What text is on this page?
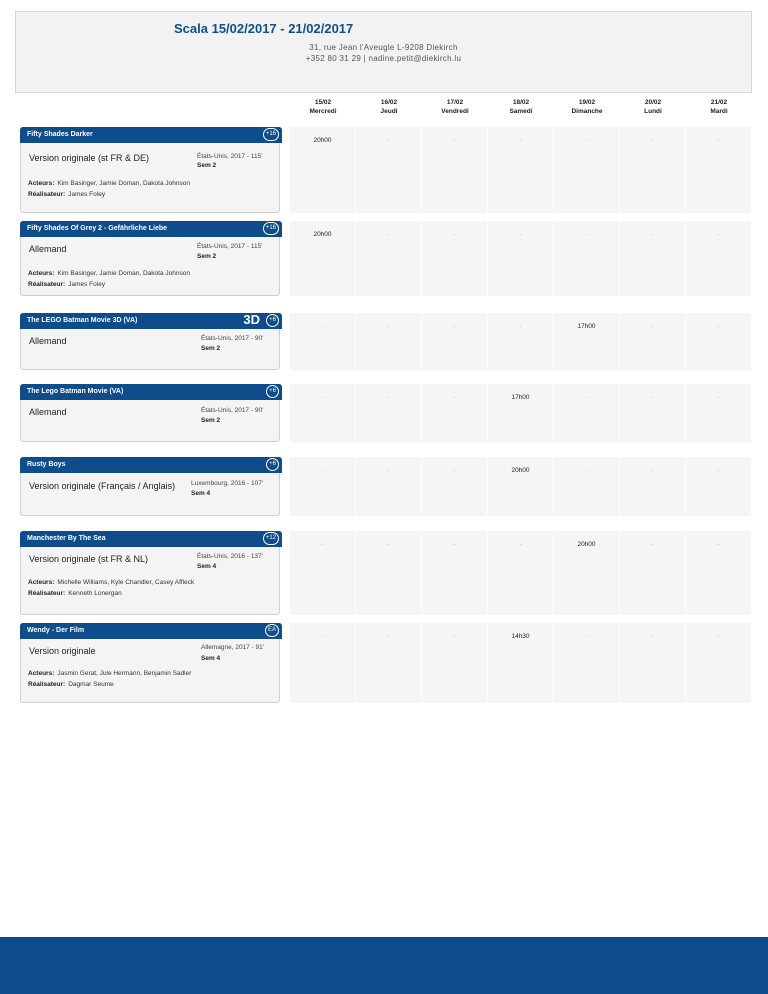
Scala 15/02/2017 - 21/02/2017
31, rue Jean l'Aveugle L-9208 Diekirch
+352 80 31 29 | nadine.petit@diekirch.lu
15/02
Mercredi
16/02
Jeudi
17/02
Vendredi
18/02
Samedi
19/02
Dimanche
20/02
Lundi
21/02
Mardi
Fifty Shades Darker	+16
Version originale (st FR & DE)	États-Unis, 2017 - 115'
Sem 2
Acteurs: Kim Basinger, Jamie Doman, Dakota Johnson
Réalisateur: James Foley
20h00	-	-	-	-	-	-
Fifty Shades Of Grey 2 - Gefährliche Liebe	+16
Allemand	États-Unis, 2017 - 115'
Sem 2
Acteurs: Kim Basinger, Jamie Doman, Dakota Johnson
Réalisateur: James Foley
20h00	-	-	-	-	-	-
The LEGO Batman Movie 3D (VA)	3D	+6
Allemand	États-Unis, 2017 - 90'
Sem 2
-	-	-	-	17h00	-	-
The Lego Batman Movie (VA)	+6
Allemand	États-Unis, 2017 - 90'
Sem 2
-	-	-	17h00	-	-	-
Rusty Boys	+6
Version originale (Français / Anglais) Luxembourg, 2016 - 107'
Sem 4
-	-	-	20h00	-	-	-
Manchester By The Sea	+12
Version originale (st FR & NL)	États-Unis, 2016 - 137'
Sem 4
Acteurs: Michelle Williams, Kyle Chandler, Casey Affleck
Réalisateur: Kenneth Lonergan
-	-	-	-	20h00	-	-
Wendy - Der Film	EA
Version originale	Allemagne, 2017 - 91'
Sem 4
Acteurs: Jasmin Gerat, Jule Hermann, Benjamin Sadler
Réalisateur: Dagmar Seume
-	-	-	14h30	-	-	-
